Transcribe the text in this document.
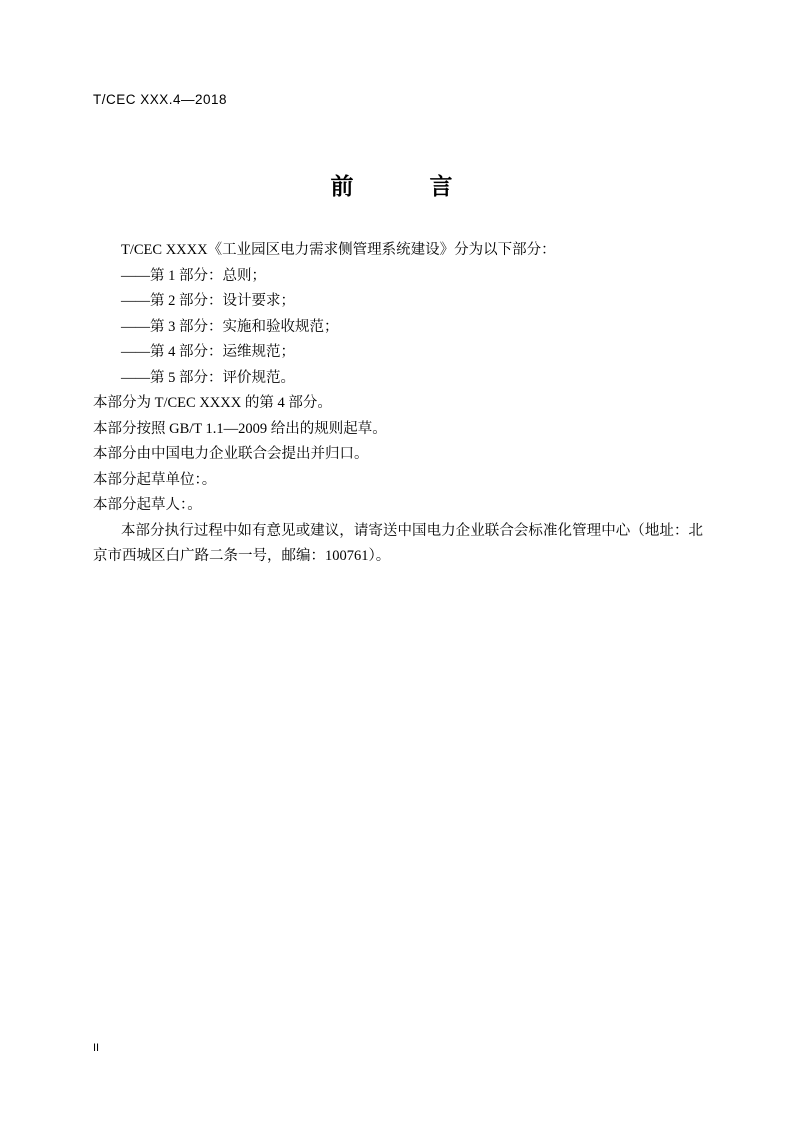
T/CEC XXX.4—2018
前　　言

T/CEC XXXX《工业园区电力需求侧管理系统建设》分为以下部分：

——第 1 部分：总则；

——第 2 部分：设计要求；

——第 3 部分：实施和验收规范；

——第 4 部分：运维规范；

——第 5 部分：评价规范。

本部分为 T/CEC XXXX 的第 4 部分。

本部分按照 GB/T 1.1—2009 给出的规则起草。

本部分由中国电力企业联合会提出并归口。

本部分起草单位：。

本部分起草人：。

本部分执行过程中如有意见或建议，请寄送中国电力企业联合会标准化管理中心（地址：北京市西城区白广路二条一号，邮编：100761）。

II
